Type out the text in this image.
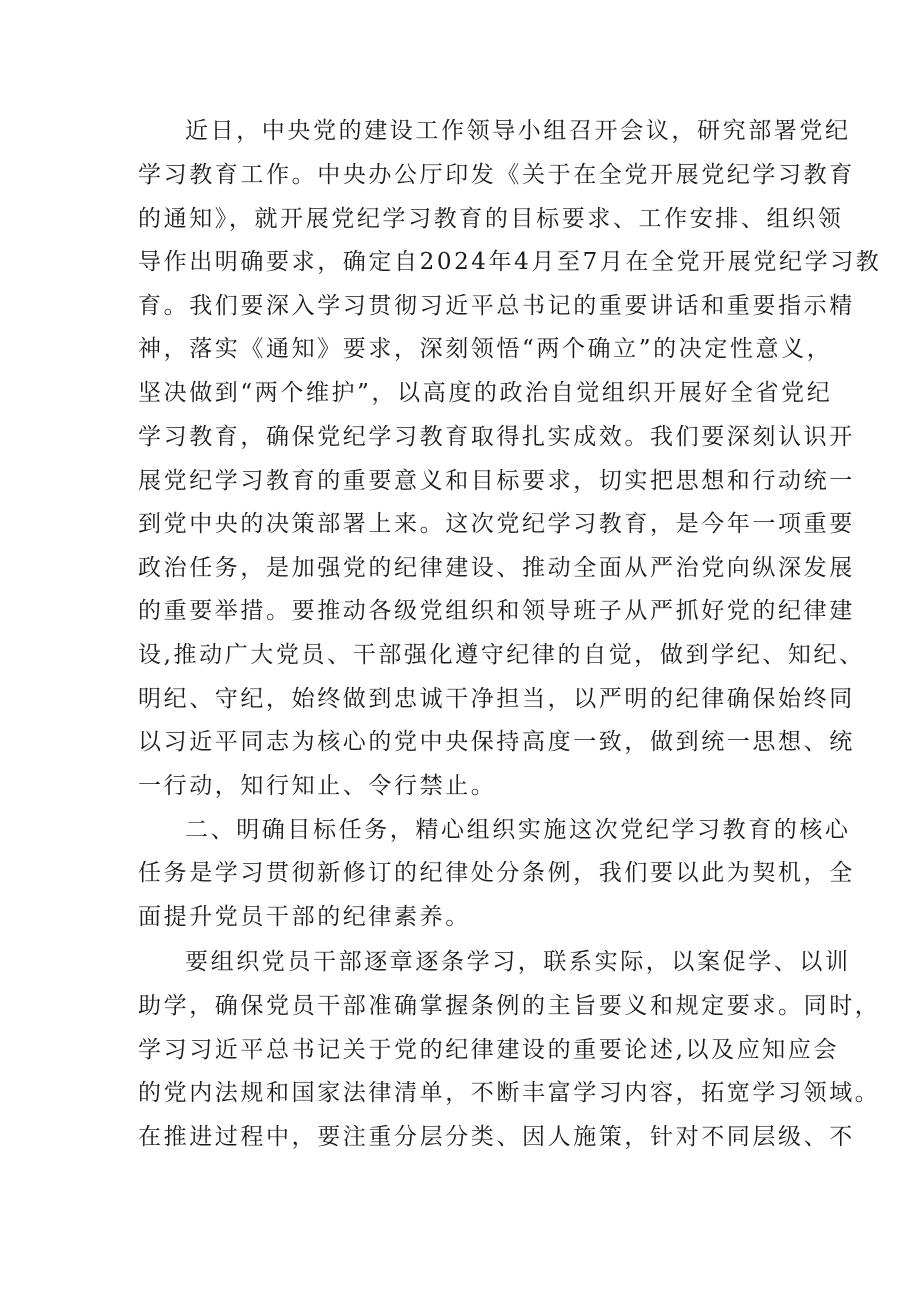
近日，中央党的建设工作领导小组召开会议，研究部署党纪
学习教育工作。中央办公厅印发《关于在全党开展党纪学习教育
的通知》，就开展党纪学习教育的目标要求、工作安排、组织领
导作出明确要求，确定自2024年4月至7月在全党开展党纪学习教
育。我们要深入学习贯彻习近平总书记的重要讲话和重要指示精
神，落实《通知》要求，深刻领悟“两个确立”的决定性意义，
坚决做到“两个维护”，以高度的政治自觉组织开展好全省党纪
学习教育，确保党纪学习教育取得扎实成效。我们要深刻认识开
展党纪学习教育的重要意义和目标要求，切实把思想和行动统一
到党中央的决策部署上来。这次党纪学习教育，是今年一项重要
政治任务，是加强党的纪律建设、推动全面从严治党向纵深发展
的重要举措。要推动各级党组织和领导班子从严抓好党的纪律建
设,推动广大党员、干部强化遵守纪律的自觉，做到学纪、知纪、
明纪、守纪，始终做到忠诚干净担当，以严明的纪律确保始终同
以习近平同志为核心的党中央保持高度一致，做到统一思想、统
一行动，知行知止、令行禁止。
二、明确目标任务，精心组织实施这次党纪学习教育的核心
任务是学习贯彻新修订的纪律处分条例，我们要以此为契机，全
面提升党员干部的纪律素养。
要组织党员干部逐章逐条学习，联系实际，以案促学、以训
助学，确保党员干部准确掌握条例的主旨要义和规定要求。同时，
学习习近平总书记关于党的纪律建设的重要论述,以及应知应会
的党内法规和国家法律清单，不断丰富学习内容，拓宽学习领域。
在推进过程中，要注重分层分类、因人施策，针对不同层级、不
